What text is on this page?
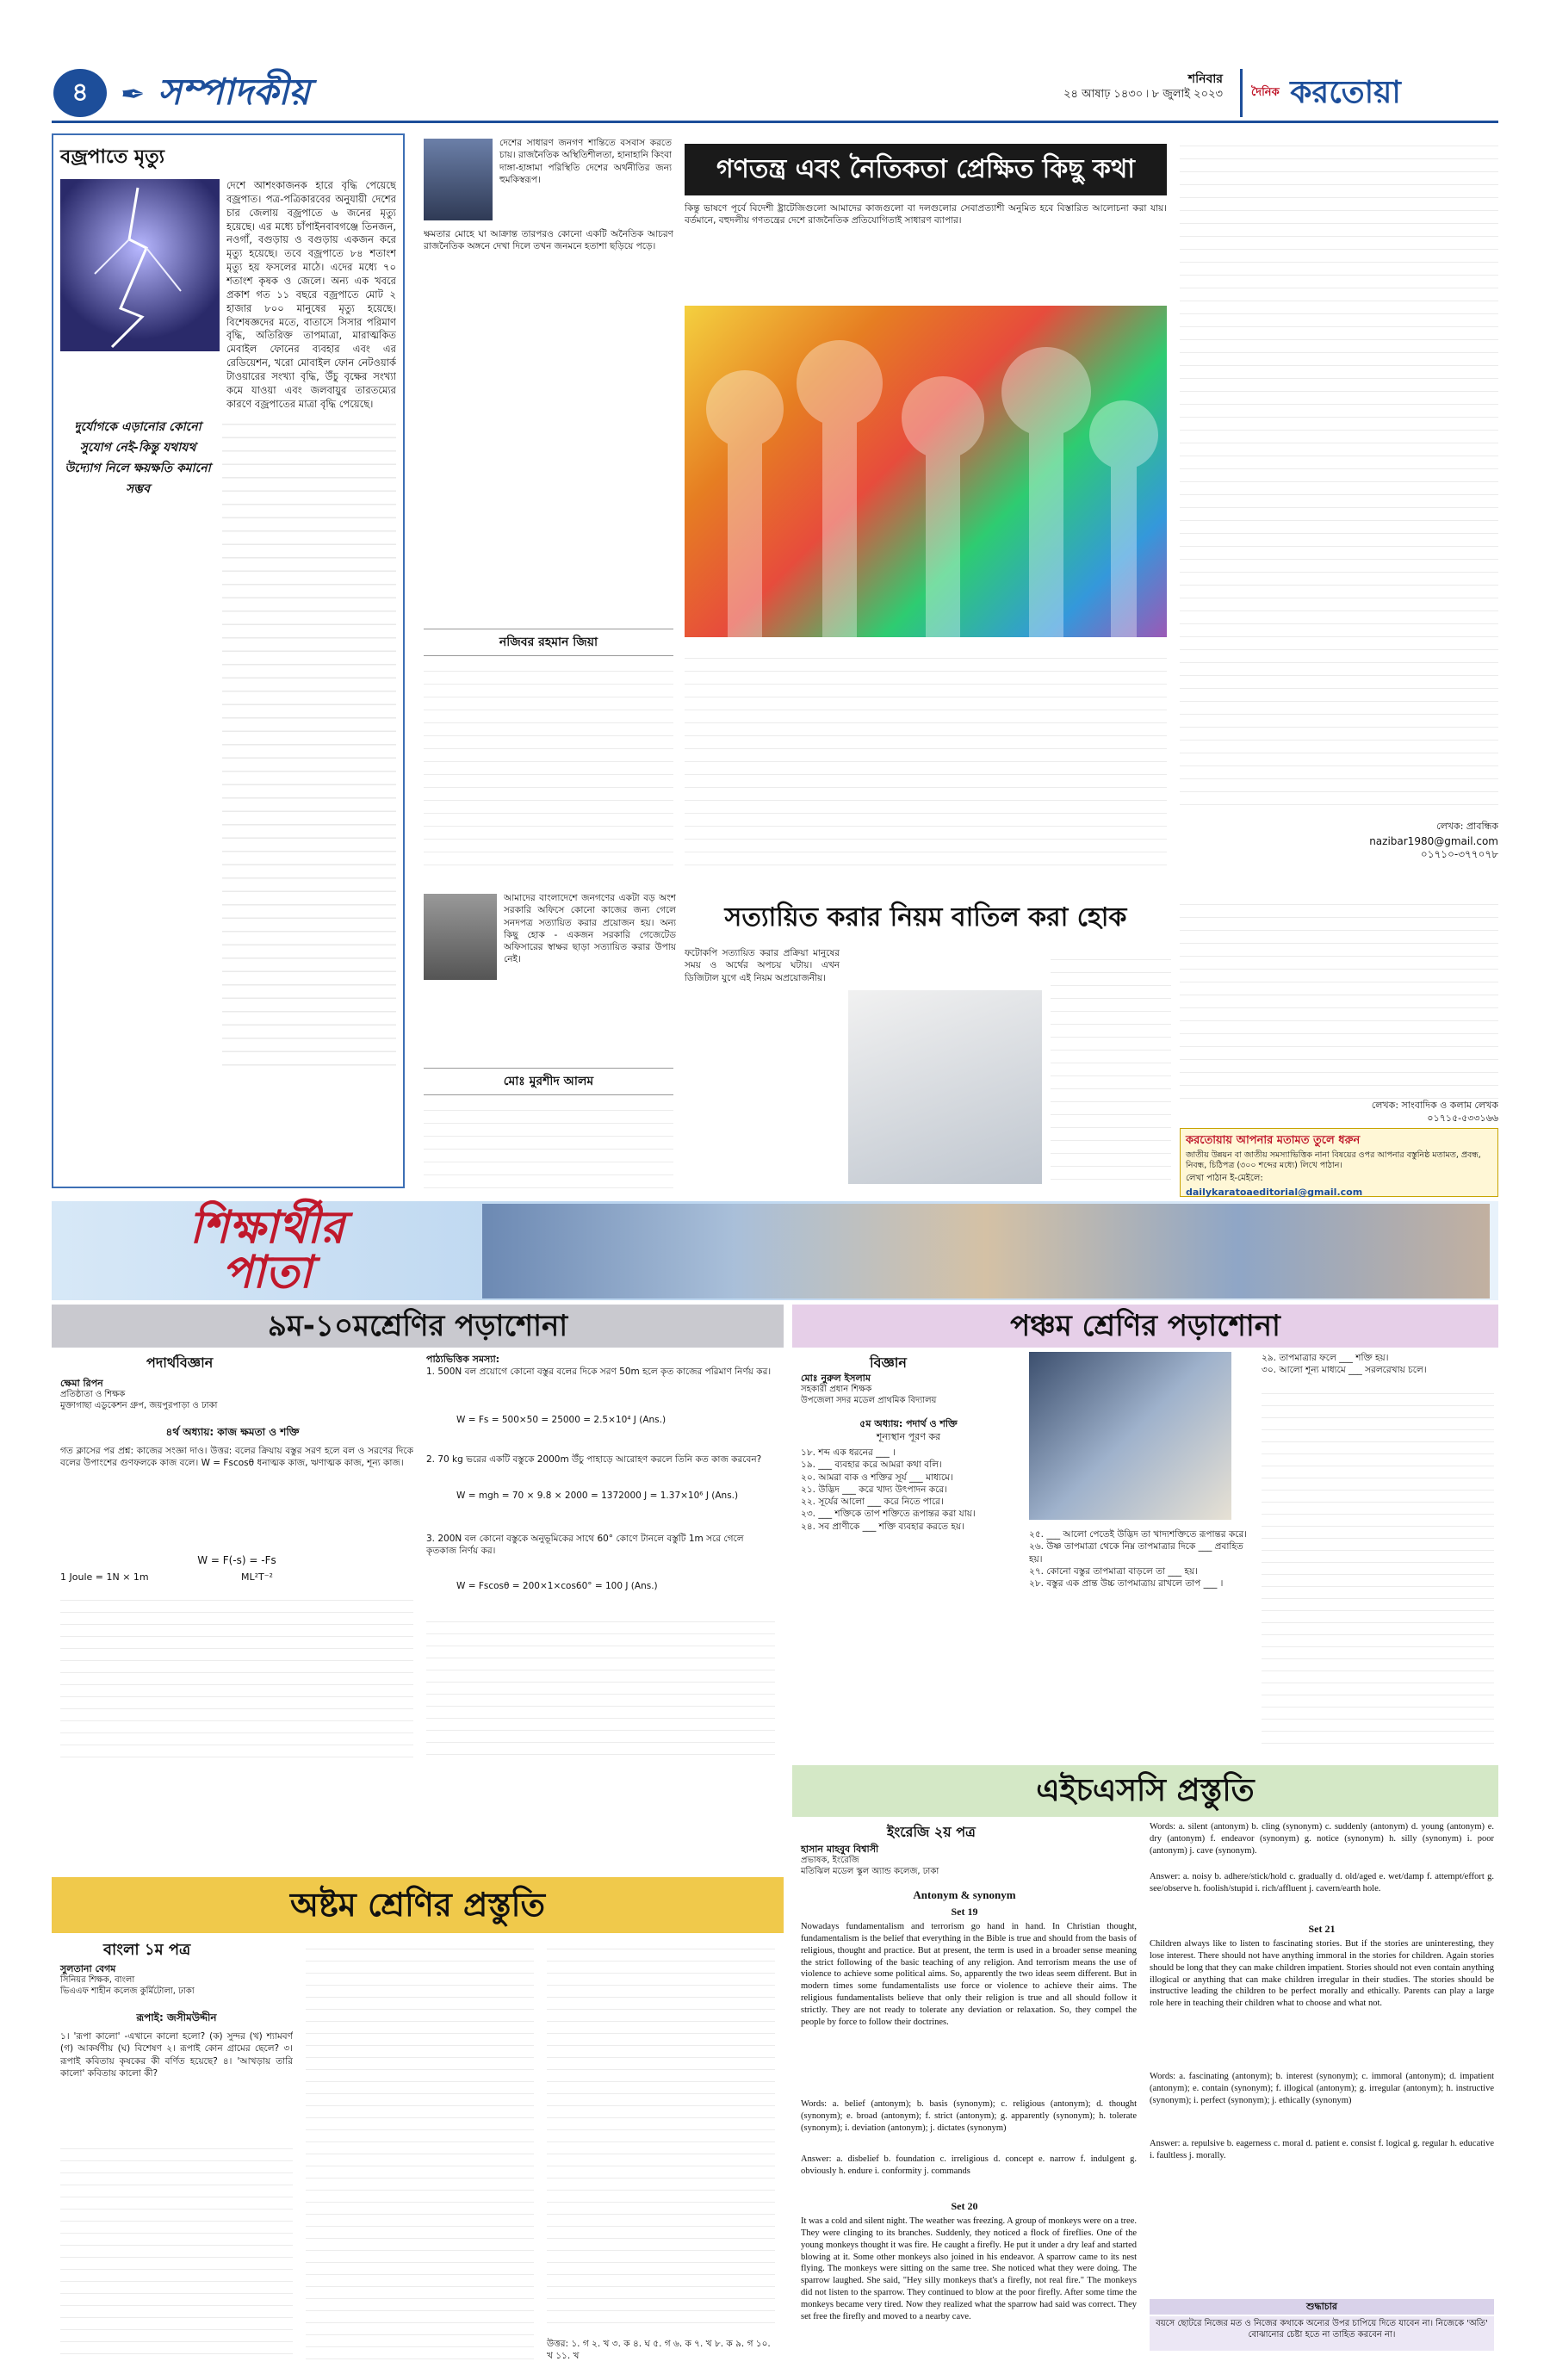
৪	✒ সম্পাদকীয়	শনিবার
২৪ আষাঢ় ১৪৩০ ৷ ৮ জুলাই ২০২৩	$^{দৈনিক}$ করতোয়া
বজ্রপাতে মৃত্যু
দেশে আশংকাজনক হারে বৃদ্ধি পেয়েছে বজ্রপাত। পত্র-পত্রিকারবের অনুযায়ী দেশের চার জেলায় বজ্রপাতে ৬ জনের মৃত্যু হয়েছে। এর মধ্যে চাঁপাইনবাবগঞ্জে তিনজন, নওগাঁ, বগুড়ায় ও বগুড়ায় একজন করে মৃত্যু হয়েছে। তবে বজ্রপাতে ৮৪ শতাংশ মৃত্যু হয় ফসলের মাঠে। এদের মধ্যে ৭০ শতাংশ কৃষক ও জেলে। অন্য এক খবরে প্রকাশ গত ১১ বছরে বজ্রপাতে মোট ২ হাজার ৮০০ মানুষের মৃত্যু হয়েছে। বিশেষজ্ঞদের মতে, বাতাসে সিসার পরিমাণ বৃদ্ধি, অতিরিক্ত তাপমাত্রা, মারাত্মকিত মেবাইল ফোনের ব্যবহার এবং এর রেডিয়েশন, খরো মোবাইল ফোন নেটওয়ার্ক টাওয়ারের সংখ্যা বৃদ্ধি, উঁচু বৃক্ষের সংখ্যা কমে যাওয়া এবং জলবায়ুর তারতম্যের কারণে বজ্রপাতের মাত্রা বৃদ্ধি পেয়েছে।
দুর্যোগকে এড়ানোর কোনো সুযোগ নেই-কিন্তু যথাযথ উদ্যোগ নিলে ক্ষয়ক্ষতি কমানো সম্ভব
দেশের সাধারণ জনগণ শান্তিতে বসবাস করতে চায়। রাজনৈতিক অস্থিতিশীলতা, হানাহানি কিংবা দাঙ্গা-হাঙ্গামা পরিস্থিতি দেশের অর্থনীতির জন্য হুমকিস্বরূপ।	গণতন্ত্র এবং নৈতিকতা প্রেক্ষিত কিছু কথা
কিন্তু ভাষণে পূর্বে বিদেশী ষ্ট্রাটেজিগুলো আমাদের কাজগুলো বা দলগুলোর সেবাপ্রত্যাশী অনুমিত হবে বিস্তারিত আলোচনা করা যায়। বর্তমানে, বহুদলীয় গণতন্ত্রের দেশে রাজনৈতিক প্রতিযোগিতাই সাধারণ ব্যাপার।
ক্ষমতার মোহে ঘা আক্রান্ত তারপরও কোনো একটি অনৈতিক আচরণ রাজনৈতিক অঙ্গনে দেখা দিলে তখন জনমনে হতাশা ছড়িয়ে পড়ে।
নজিবর রহমান জিয়া
লেখক: প্রাবন্ধিক
nazibar1980@gmail.com
০১৭১০-৩৭৭০৭৮
আমাদের বাংলাদেশে জনগণের একটা বড় অংশ সরকারি অফিসে কোনো কাজের জন্য গেলে সনদপত্র সত্যায়িত করার প্রয়োজন হয়। অন্য কিছু হোক - একজন সরকারি গেজেটেড অফিসারের স্বাক্ষর ছাড়া সত্যায়িত করার উপায় নেই।
মোঃ মুরশীদ আলম
সত্যায়িত করার নিয়ম বাতিল করা হোক
ফটোকপি সত্যায়িত করার প্রক্রিয়া মানুষের সময় ও অর্থের অপচয় ঘটায়। এখন ডিজিটাল যুগে এই নিয়ম অপ্রয়োজনীয়।
লেখক: সাংবাদিক ও কলাম লেখক
০১৭১৫-৫৩৩১৬৬
করতোয়ায় আপনার মতামত তুলে ধরুন
জাতীয় উন্নয়ন বা জাতীয় সমস্যাভিত্তিক নানা বিষয়ের ওপর আপনার বস্তুনিষ্ঠ মতামত, প্রবন্ধ, নিবন্ধ, চিঠিপত্র (৩০০ শব্দের মধ্যে) লিখে পাঠান।
লেখা পাঠান ই-মেইলে:
dailykaratoaeditorial@gmail.com
শিক্ষার্থীর
পাতা
৯ম-১০মশ্রেণির পড়াশোনা
পদার্থবিজ্ঞান
ক্ষেমা রিপন
প্রতিষ্ঠাতা ও শিক্ষক
মুক্তাগাছা এডুকেশন গ্রুপ, জয়পুরপাড়া ও ঢাকা
৪র্থ অধ্যায়: কাজ ক্ষমতা ও শক্তি
গত ক্লাসের পর প্রশ্ন: কাজের সংজ্ঞা দাও। উত্তর: বলের ক্রিয়ায় বস্তুর সরণ হলে বল ও সরণের দিকে বলের উপাংশের গুণফলকে কাজ বলে। W = Fscosθ ধনাত্মক কাজ, ঋণাত্মক কাজ, শূন্য কাজ।
W = F(-s) = -Fs
1 Joule = 1N × 1m	ML²T⁻²
পাঠ্যভিত্তিক সমস্যা:
1. 500N বল প্রয়োগে কোনো বস্তুর বলের দিকে সরণ 50m হলে কৃত কাজের পরিমাণ নির্ণয় কর।
W = Fs = 500×50 = 25000 = 2.5×10⁴ J (Ans.)
2. 70 kg ভরের একটি বস্তুকে 2000m উঁচু পাহাড়ে আরোহণ করলে তিনি কত কাজ করবেন?
W = mgh = 70 × 9.8 × 2000 = 1372000 J = 1.37×10⁶ J (Ans.)
3. 200N বল কোনো বস্তুকে অনুভূমিকের সাথে 60° কোণে টানলে বস্তুটি 1m সরে গেলে কৃতকাজ নির্ণয় কর।
W = Fscosθ = 200×1×cos60° = 100 J (Ans.)
অষ্টম শ্রেণির প্রস্তুতি
বাংলা ১ম পত্র
সুলতানা বেগম
সিনিয়র শিক্ষক, বাংলা
ভিএএফ শাহীন কলেজ কুর্মিটোলা, ঢাকা
রূপাই: জসীমউদ্দীন
১। 'রূপা কালো' -এখানে কালো হলো? (ক) সুন্দর (খ) শ্যামবর্ণ (গ) আকর্ষণীয় (ঘ) বিশেষণ ২। রূপাই কোন গ্রামের ছেলে? ৩। রূপাই কবিতায় কৃষকের কী বর্ণিত হয়েছে? ৪। 'আখড়ায় তারি কালো' কবিতায় কালো কী?
উত্তর: ১. গ ২. খ ৩. ক ৪. ঘ ৫. গ ৬. ক ৭. খ ৮. ক ৯. গ ১০. খ ১১. খ
পঞ্চম শ্রেণির পড়াশোনা
বিজ্ঞান
মোঃ নুরুল ইসলাম
সহকারী প্রধান শিক্ষক
উপজেলা সদর মডেল প্রাথমিক বিদ্যালয়
৫ম অধ্যায়: পদার্থ ও শক্তি
শূন্যস্থান পূরণ কর
১৮. শব্দ এক ধরনের ___ ।
১৯. ___ ব্যবহার করে আমরা কথা বলি।
২০. আমরা বাক ও শক্তির সূর্য ___ মাধ্যমে।
২১. উদ্ভিদ ___ করে খাদ্য উৎপাদন করে।
২২. সূর্যের আলো ___ করে নিতে পারে।
২৩. ___ শক্তিকে তাপ শক্তিতে রূপান্তর করা যায়।
২৪. সব প্রাণীকে ___ শক্তি ব্যবহার করতে হয়।
২৫. ___ আলো পেতেই উদ্ভিদ তা খাদ্যশক্তিতে রূপান্তর করে।
২৬. উষ্ণ তাপমাত্রা থেকে নিম্ন তাপমাত্রার দিকে ___ প্রবাহিত হয়।
২৭. কোনো বস্তুর তাপমাত্রা বাড়লে তা ___ হয়।
২৮. বস্তুর এক প্রান্ত উচ্চ তাপমাত্রায় রাখলে তাপ ___ ।
২৯. তাপমাত্রার ফলে ___ শক্তি হয়।
৩০. আলো শূন্য মাধ্যমে ___ সরলরেখায় চলে।
এইচএসসি প্রস্তুতি
ইংরেজি ২য় পত্র
হাসান মাহবুব বিশ্বাসী
প্রভাষক, ইংরেজি
মতিঝিল মডেল স্কুল অ্যান্ড কলেজ, ঢাকা
Antonym & synonym
Set 19
Nowadays fundamentalism and terrorism go hand in hand. In Christian thought, fundamentalism is the belief that everything in the Bible is true and should from the basis of religious, thought and practice. But at present, the term is used in a broader sense meaning the strict following of the basic teaching of any religion. And terrorism means the use of violence to achieve some political aims. So, apparently the two ideas seem different. But in modern times some fundamentalists use force or violence to achieve their aims. The religious fundamentalists believe that only their religion is true and all should follow it strictly. They are not ready to tolerate any deviation or relaxation. So, they compel the people by force to follow their doctrines.
Words: a. belief (antonym); b. basis (synonym); c. religious (antonym); d. thought (synonym); e. broad (antonym); f. strict (antonym); g. apparently (synonym); h. tolerate (synonym); i. deviation (antonym); j. dictates (synonym)
Answer: a. disbelief b. foundation c. irreligious d. concept e. narrow f. indulgent g. obviously h. endure i. conformity j. commands
Set 20
It was a cold and silent night. The weather was freezing. A group of monkeys were on a tree. They were clinging to its branches. Suddenly, they noticed a flock of fireflies. One of the young monkeys thought it was fire. He caught a firefly. He put it under a dry leaf and started blowing at it. Some other monkeys also joined in his endeavor. A sparrow came to its nest flying. The monkeys were sitting on the same tree. She noticed what they were doing. The sparrow laughed. She said, "Hey silly monkeys that's a firefly, not real fire." The monkeys did not listen to the sparrow. They continued to blow at the poor firefly. After some time the monkeys became very tired. Now they realized what the sparrow had said was correct. They set free the firefly and moved to a nearby cave.
Words: a. silent (antonym) b. cling (synonym) c. suddenly (antonym) d. young (antonym) e. dry (antonym) f. endeavor (synonym) g. notice (synonym) h. silly (synonym) i. poor (antonym) j. cave (synonym).
Answer: a. noisy b. adhere/stick/hold c. gradually d. old/aged e. wet/damp f. attempt/effort g. see/observe h. foolish/stupid i. rich/affluent j. cavern/earth hole.
Set 21
Children always like to listen to fascinating stories. But if the stories are uninteresting, they lose interest. There should not have anything immoral in the stories for children. Again stories should be long that they can make children impatient. Stories should not even contain anything illogical or anything that can make children irregular in their studies. The stories should be instructive leading the children to be perfect morally and ethically. Parents can play a large role here in teaching their children what to choose and what not.
Words: a. fascinating (antonym); b. interest (synonym); c. immoral (antonym); d. impatient (antonym); e. contain (synonym); f. illogical (antonym); g. irregular (antonym); h. instructive (synonym); i. perfect (synonym); j. ethically (synonym)
Answer: a. repulsive b. eagerness c. moral d. patient e. consist f. logical g. regular h. educative i. faultless j. morally.
শুদ্ধাচার
বয়সে ছোটরে নিজের মত ও নিজের কথাকে অন্যের উপর চাপিয়ে দিতে যাবেন না। নিজেকে 'অতি' বোঝানোর চেষ্টা হতে না তাহিত করবেন না।
